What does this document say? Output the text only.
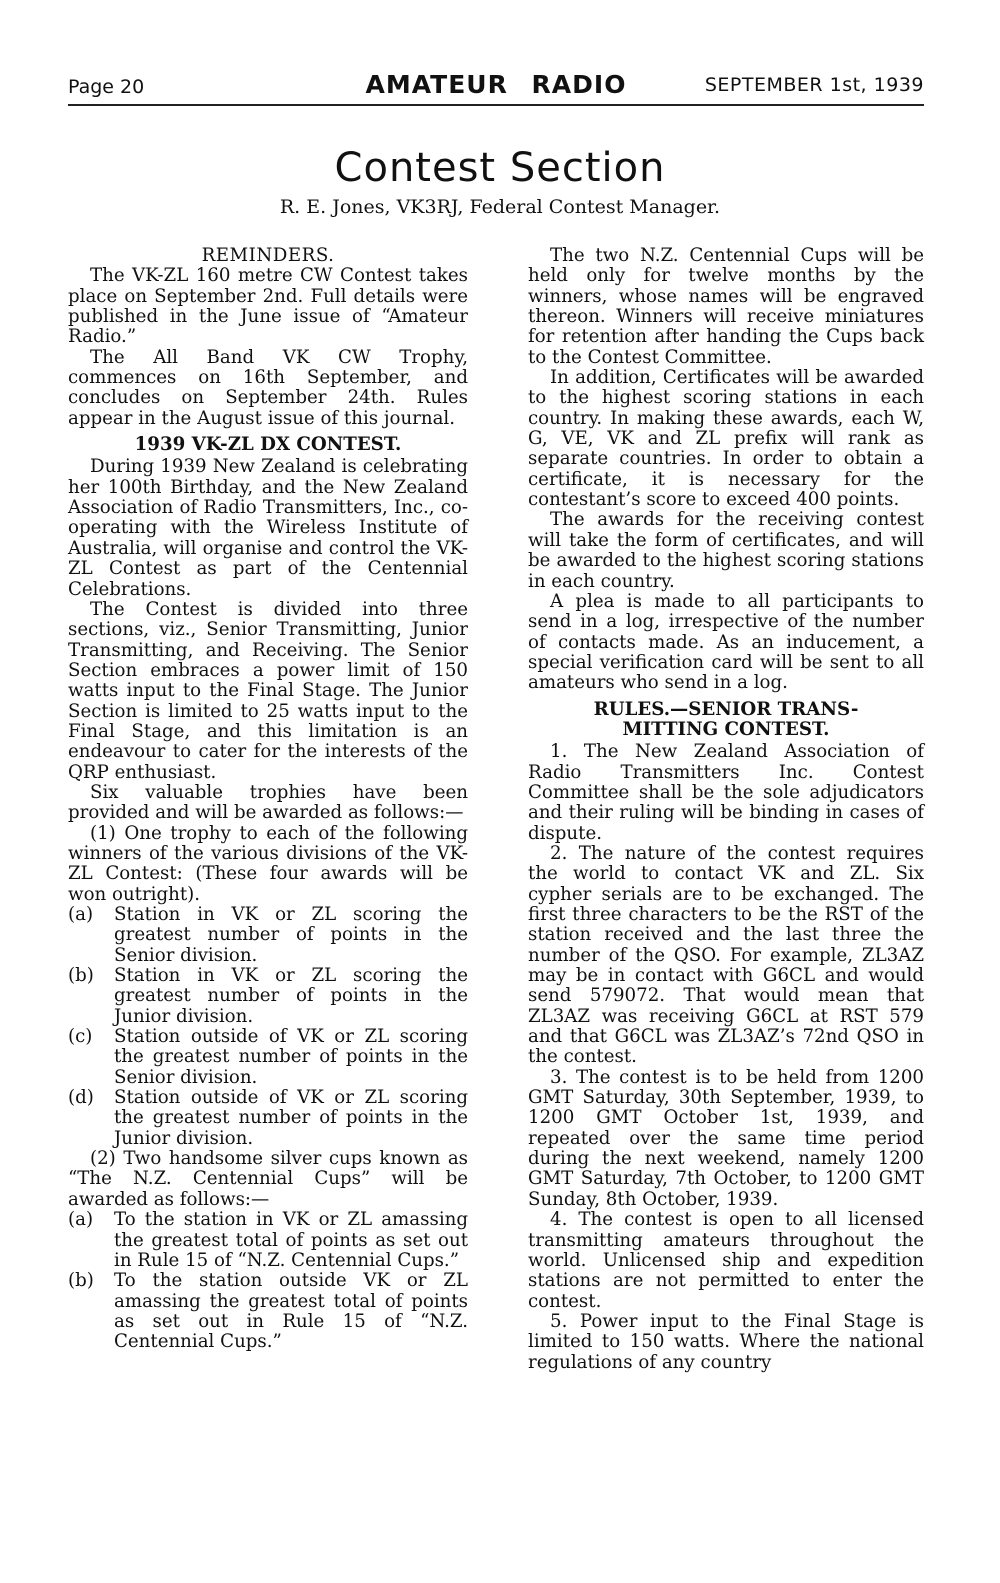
Page 20	AMATEUR RADIO	SEPTEMBER 1st, 1939
Contest Section
R. E. Jones, VK3RJ, Federal Contest Manager.
REMINDERS.

The VK-ZL 160 metre CW Contest takes place on September 2nd. Full details were published in the June issue of “Amateur Radio.”

The All Band VK CW Trophy, commences on 16th September, and concludes on September 24th. Rules appear in the August issue of this journal.

1939 VK-ZL DX CONTEST.

During 1939 New Zealand is celebrating her 100th Birthday, and the New Zealand Association of Radio Transmitters, Inc., co-operating with the Wireless Institute of Australia, will organise and control the VK-ZL Contest as part of the Centennial Celebrations.

The Contest is divided into three sections, viz., Senior Transmitting, Junior Transmitting, and Receiving. The Senior Section embraces a power limit of 150 watts input to the Final Stage. The Junior Section is limited to 25 watts input to the Final Stage, and this limitation is an endeavour to cater for the interests of the QRP enthusiast.

Six valuable trophies have been provided and will be awarded as follows:—

(1) One trophy to each of the following winners of the various divisions of the VK-ZL Contest: (These four awards will be won outright).

(a) Station in VK or ZL scoring the greatest number of points in the Senior division.

(b) Station in VK or ZL scoring the greatest number of points in the Junior division.

(c) Station outside of VK or ZL scoring the greatest number of points in the Senior division.

(d) Station outside of VK or ZL scoring the greatest number of points in the Junior division.

(2) Two handsome silver cups known as “The N.Z. Centennial Cups” will be awarded as follows:—

(a) To the station in VK or ZL amassing the greatest total of points as set out in Rule 15 of “N.Z. Centennial Cups.”

(b) To the station outside VK or ZL amassing the greatest total of points as set out in Rule 15 of “N.Z. Centennial Cups.”

The two N.Z. Centennial Cups will be held only for twelve months by the winners, whose names will be engraved thereon. Winners will receive miniatures for retention after handing the Cups back to the Contest Committee.

In addition, Certificates will be awarded to the highest scoring stations in each country. In making these awards, each W, G, VE, VK and ZL prefix will rank as separate countries. In order to obtain a certificate, it is necessary for the contestant’s score to exceed 400 points.

The awards for the receiving contest will take the form of certificates, and will be awarded to the highest scoring stations in each country.

A plea is made to all participants to send in a log, irrespective of the number of contacts made. As an inducement, a special verification card will be sent to all amateurs who send in a log.

RULES.—SENIOR TRANS-
MITTING CONTEST.

1. The New Zealand Association of Radio Transmitters Inc. Contest Committee shall be the sole adjudicators and their ruling will be binding in cases of dispute.

2. The nature of the contest requires the world to contact VK and ZL. Six cypher serials are to be exchanged. The first three characters to be the RST of the station received and the last three the number of the QSO. For example, ZL3AZ may be in contact with G6CL and would send 579072. That would mean that ZL3AZ was receiving G6CL at RST 579 and that G6CL was ZL3AZ’s 72nd QSO in the contest.

3. The contest is to be held from 1200 GMT Saturday, 30th September, 1939, to 1200 GMT October 1st, 1939, and repeated over the same time period during the next weekend, namely 1200 GMT Saturday, 7th October, to 1200 GMT Sunday, 8th October, 1939.

4. The contest is open to all licensed transmitting amateurs throughout the world. Unlicensed ship and expedition stations are not permitted to enter the contest.

5. Power input to the Final Stage is limited to 150 watts. Where the national regulations of any country
